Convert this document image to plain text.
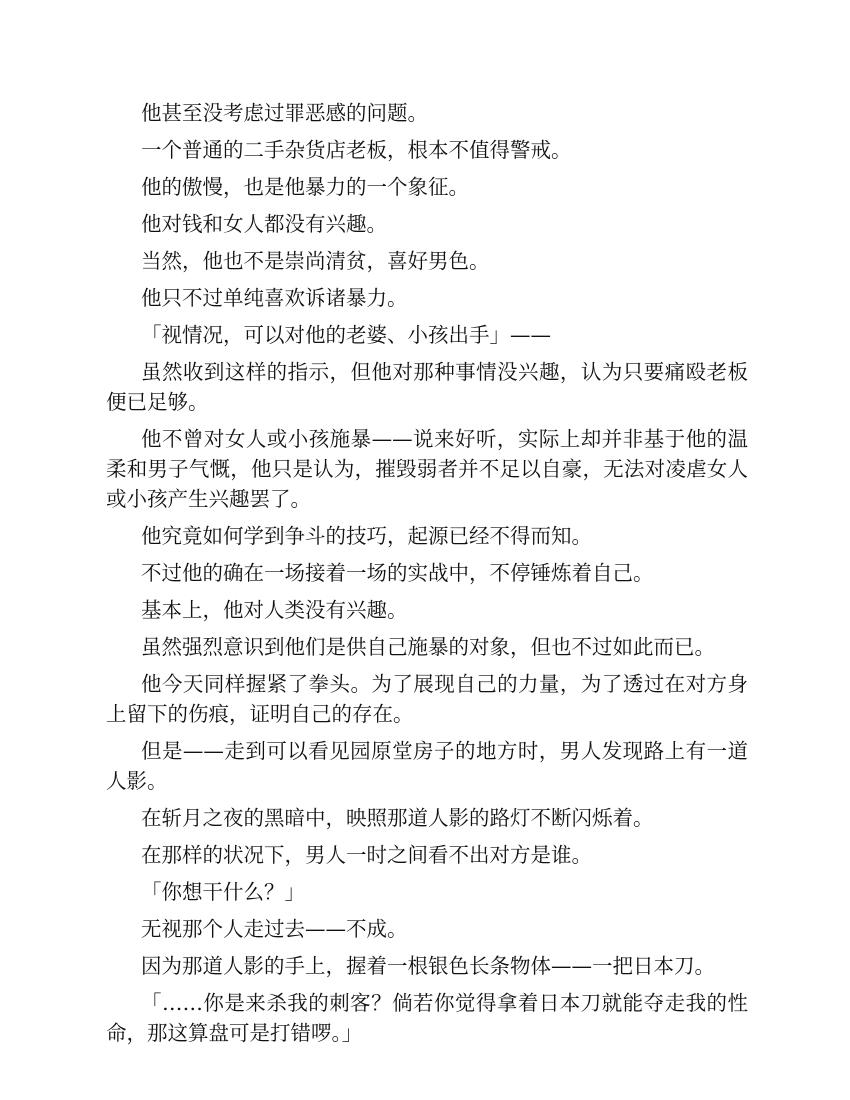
他甚至没考虑过罪恶感的问题。

一个普通的二手杂货店老板，根本不值得警戒。

他的傲慢，也是他暴力的一个象征。

他对钱和女人都没有兴趣。

当然，他也不是崇尚清贫，喜好男色。

他只不过单纯喜欢诉诸暴力。

「视情况，可以对他的老婆、小孩出手」——

虽然收到这样的指示，但他对那种事情没兴趣，认为只要痛殴老板便已足够。

他不曾对女人或小孩施暴——说来好听，实际上却并非基于他的温柔和男子气慨，他只是认为，摧毁弱者并不足以自豪，无法对凌虐女人或小孩产生兴趣罢了。

他究竟如何学到争斗的技巧，起源已经不得而知。

不过他的确在一场接着一场的实战中，不停锤炼着自己。

基本上，他对人类没有兴趣。

虽然强烈意识到他们是供自己施暴的对象，但也不过如此而已。

他今天同样握紧了拳头。为了展现自己的力量，为了透过在对方身上留下的伤痕，证明自己的存在。

但是——走到可以看见园原堂房子的地方时，男人发现路上有一道人影。

在斩月之夜的黑暗中，映照那道人影的路灯不断闪烁着。

在那样的状况下，男人一时之间看不出对方是谁。

「你想干什么？」

无视那个人走过去——不成。

因为那道人影的手上，握着一根银色长条物体——一把日本刀。

「……你是来杀我的刺客？倘若你觉得拿着日本刀就能夺走我的性命，那这算盘可是打错啰。」
